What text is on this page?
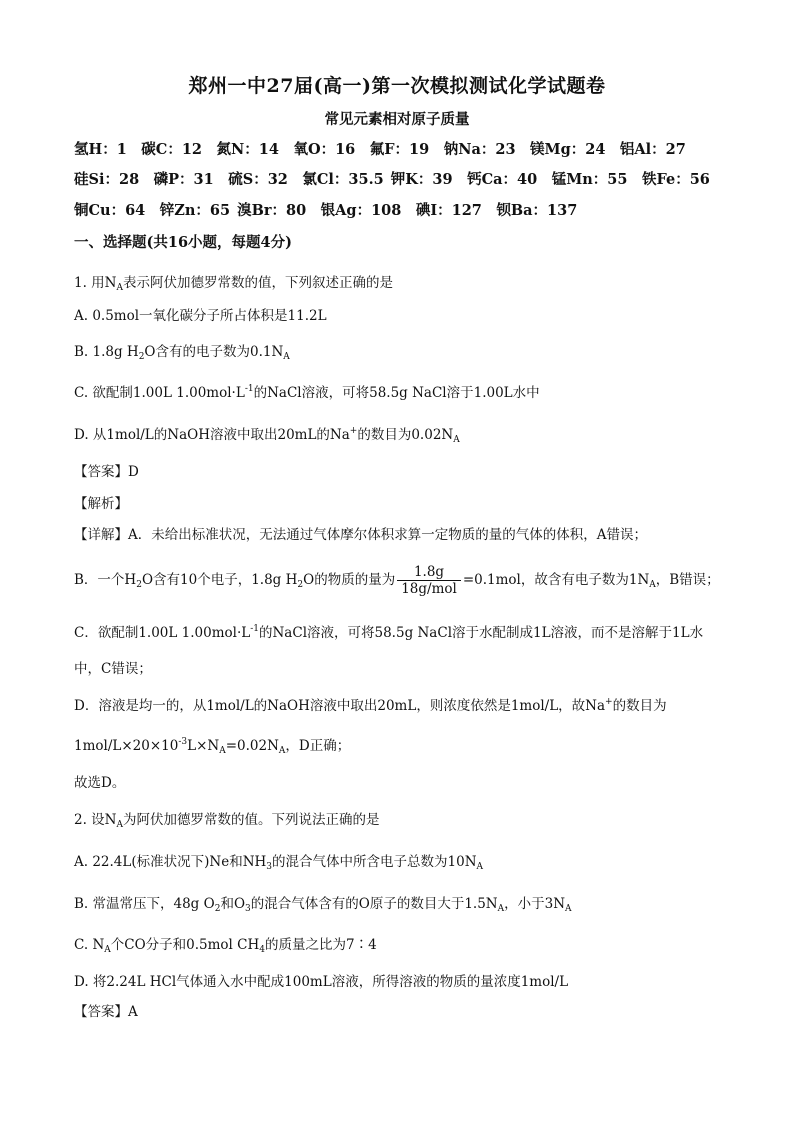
郑州一中27届(高一)第一次模拟测试化学试题卷
常见元素相对原子质量
氢H：1　碳C：12　氮N：14　氧O：16　氟F：19　钠Na：23　镁Mg：24　铝Al：27
硅Si：28　磷P：31　硫S：32　氯Cl：35.5 钾K：39　钙Ca：40　锰Mn：55　铁Fe：56
铜Cu：64　锌Zn：65 溴Br：80　银Ag：108　碘I：127　钡Ba：137
一、选择题(共16小题，每题4分)
1. 用$N_A$表示阿伏加德罗常数的值，下列叙述正确的是
A. 0.5mol一氧化碳分子所占体积是11.2L
B. 1.8g $H_2O$含有的电子数为$0.1N_A$
C. 欲配制1.00L $1.00mol\cdot L^{-1}$的NaCl溶液，可将58.5g NaCl溶于1.00L水中
D. 从1mol/L的NaOH溶液中取出20mL的Na+的数目为$0.02N_A$
【答案】D
【解析】
【详解】A．未给出标准状况，无法通过气体摩尔体积求算一定物质的量的气体的体积，A错误；
B．一个$H_2O$含有10个电子，1.8g $H_2O$的物质的量为 $\frac{1.8g}{\text{18g/mol}} =0.1mol$，故含有电子数为$1N_A$，B错误；
C．欲配制1.00L $1.00mol\cdot L^{-1}$的NaCl溶液，可将58.5g NaCl溶于水配制成1L溶液，而不是溶解于1L水
中，C错误；
D．溶液是均一的，从1mol/L的NaOH溶液中取出20mL，则浓度依然是1mol/L，故Na+的数目为
$1mol/L\times 20\times 10^{-3}L\times N_A=0.02N_A$，D正确；
故选D。
2. 设$N_A$为阿伏加德罗常数的值。下列说法正确的是
A. 22.4L(标准状况下)Ne和$NH_3$的混合气体中所含电子总数为$10N_A$
B. 常温常压下，48g $O_2$和$O_3$的混合气体含有的O原子的数目大于$1.5N_A$，小于$3N_A$
C. $N_A$个CO分子和0.5mol $CH_4$的质量之比为7∶4
D. 将2.24L HCl气体通入水中配成100mL溶液，所得溶液的物质的量浓度1mol/L
【答案】A
